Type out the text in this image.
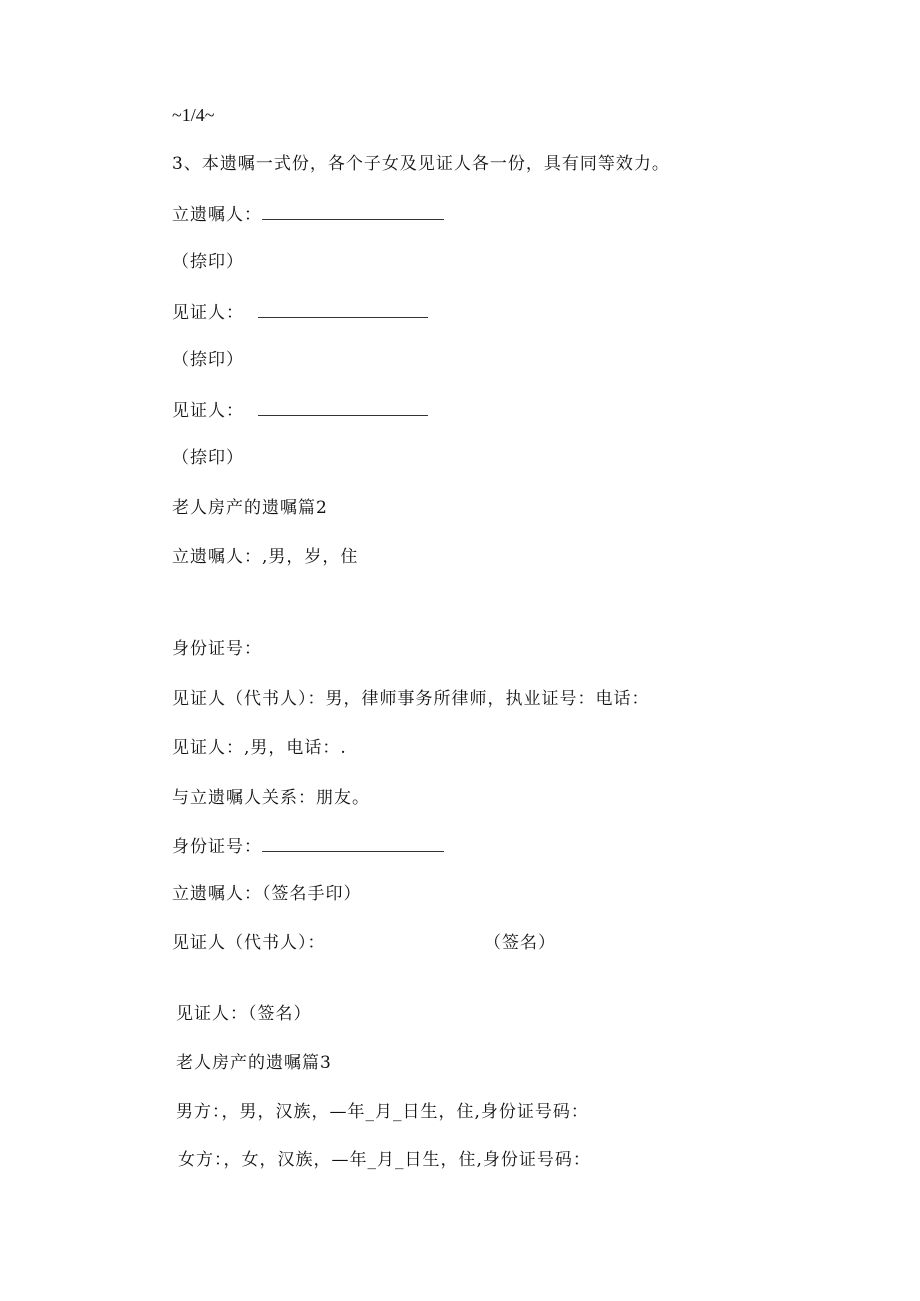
~1/4~
3、本遗嘱一式份，各个子女及见证人各一份，具有同等效力。
立遗嘱人：
（捺印）
见证人：
（捺印）
见证人：
（捺印）
老人房产的遗嘱篇2
立遗嘱人：,男，岁，住
身份证号：
见证人（代书人）：男，律师事务所律师，执业证号：电话：
见证人：,男，电话：.
与立遗嘱人关系：朋友。
身份证号：
立遗嘱人：（签名手印）
见证人（代书人）：	（签名）
见证人：（签名）
老人房产的遗嘱篇3
男方：，男，汉族，—年_月_日生，住,身份证号码：
女方：，女，汉族，—年_月_日生，住,身份证号码：
